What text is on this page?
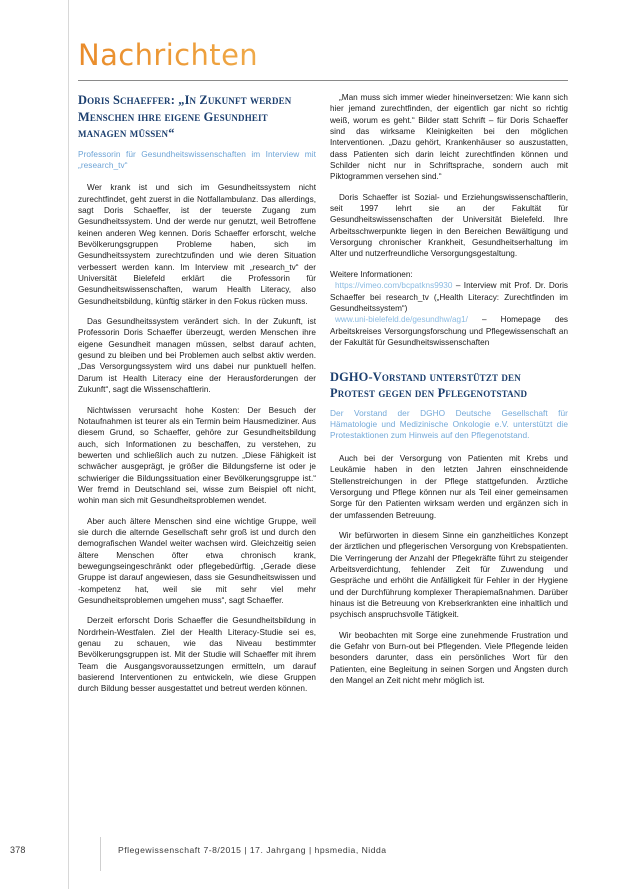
Nachrichten
Doris Schaeffer: „In Zukunft werden Menschen ihre eigene Gesundheit managen müssen“

Professorin für Gesundheitswissenschaften im Interview mit „research_tv“

Wer krank ist und sich im Gesundheitssystem nicht zurechtfindet, geht zuerst in die Notfallambulanz. Das allerdings, sagt Doris Schaeffer, ist der teuerste Zugang zum Gesundheitssystem. Und der werde nur genutzt, weil Betroffene keinen anderen Weg kennen. Doris Schaeffer erforscht, welche Bevölkerungsgruppen Probleme haben, sich im Gesundheitssystem zurechtzufinden und wie deren Situation verbessert werden kann. Im Interview mit „research_tv“ der Universität Bielefeld erklärt die Professorin für Gesundheitswissenschaften, warum Health Literacy, also Gesundheitsbildung, künftig stärker in den Fokus rücken muss.

Das Gesundheitssystem verändert sich. In der Zukunft, ist Professorin Doris Schaeffer überzeugt, werden Menschen ihre eigene Gesundheit managen müssen, selbst darauf achten, gesund zu bleiben und bei Problemen auch selbst aktiv werden. „Das Versorgungssystem wird uns dabei nur punktuell helfen. Darum ist Health Literacy eine der Herausforderungen der Zukunft“, sagt die Wissenschaftlerin.

Nichtwissen verursacht hohe Kosten: Der Besuch der Notaufnahmen ist teurer als ein Termin beim Hausmediziner. Aus diesem Grund, so Schaeffer, gehöre zur Gesundheitsbildung auch, sich Informationen zu beschaffen, zu verstehen, zu bewerten und schließlich auch zu nutzen. „Diese Fähigkeit ist schwächer ausgeprägt, je größer die Bildungsferne ist oder je schwieriger die Bildungssituation einer Bevölkerungsgruppe ist.“ Wer fremd in Deutschland sei, wisse zum Beispiel oft nicht, wohin man sich mit Gesundheitsproblemen wendet.

Aber auch ältere Menschen sind eine wichtige Gruppe, weil sie durch die alternde Gesellschaft sehr groß ist und durch den demografischen Wandel weiter wachsen wird. Gleichzeitig seien ältere Menschen öfter etwa chronisch krank, bewegungseingeschränkt oder pflegebedürftig. „Gerade diese Gruppe ist darauf angewiesen, dass sie Gesundheitswissen und -kompetenz hat, weil sie mit sehr viel mehr Gesundheitsproblemen umgehen muss“, sagt Schaeffer.

Derzeit erforscht Doris Schaeffer die Gesundheitsbildung in Nordrhein-Westfalen. Ziel der Health Literacy-Studie sei es, genau zu schauen, wie das Niveau bestimmter Bevölkerungsgruppen ist. Mit der Studie will Schaeffer mit ihrem Team die Ausgangsvoraussetzungen ermitteln, um darauf basierend Interventionen zu entwickeln, wie diese Gruppen durch Bildung besser ausgestattet und betreut werden können.

„Man muss sich immer wieder hineinversetzen: Wie kann sich hier jemand zurechtfinden, der eigentlich gar nicht so richtig weiß, worum es geht.“ Bilder statt Schrift – für Doris Schaeffer sind das wirksame Kleinigkeiten bei den möglichen Interventionen. „Dazu gehört, Krankenhäuser so auszustatten, dass Patienten sich darin leicht zurechtfinden können und Schilder nicht nur in Schriftsprache, sondern auch mit Piktogrammen versehen sind.“

Doris Schaeffer ist Sozial- und Erziehungswissenschaftlerin, seit 1997 lehrt sie an der Fakultät für Gesundheitswissenschaften der Universität Bielefeld. Ihre Arbeitsschwerpunkte liegen in den Bereichen Bewältigung und Versorgung chronischer Krankheit, Gesundheitserhaltung im Alter und nutzerfreundliche Versorgungsgestaltung.

Weitere Informationen:
https://vimeo.com/bcpatkns9930 – Interview mit Prof. Dr. Doris Schaeffer bei research_tv („Health Literacy: Zurechtfinden im Gesundheitssystem“)
www.uni-bielefeld.de/gesundhw/ag1/ – Homepage des Arbeitskreises Versorgungsforschung und Pflegewissenschaft an der Fakultät für Gesundheitswissenschaften
DGHO-Vorstand unterstützt den Protest gegen den Pflegenotstand

Der Vorstand der DGHO Deutsche Gesellschaft für Hämatologie und Medizinische Onkologie e.V. unterstützt die Protestaktionen zum Hinweis auf den Pflegenotstand.

Auch bei der Versorgung von Patienten mit Krebs und Leukämie haben in den letzten Jahren einschneidende Stellenstreichungen in der Pflege stattgefunden. Ärztliche Versorgung und Pflege können nur als Teil einer gemeinsamen Sorge für den Patienten wirksam werden und ergänzen sich in der umfassenden Betreuung.

Wir befürworten in diesem Sinne ein ganzheitliches Konzept der ärztlichen und pflegerischen Versorgung von Krebspatienten. Die Verringerung der Anzahl der Pflegekräfte führt zu steigender Arbeitsverdichtung, fehlender Zeit für Zuwendung und Gespräche und erhöht die Anfälligkeit für Fehler in der Hygiene und der Durchführung komplexer Therapiemaßnahmen. Darüber hinaus ist die Betreuung von Krebserkrankten eine inhaltlich und psychisch anspruchsvolle Tätigkeit.

Wir beobachten mit Sorge eine zunehmende Frustration und die Gefahr von Burn-out bei Pflegenden. Viele Pflegende leiden besonders darunter, dass ein persönliches Wort für den Patienten, eine Begleitung in seinen Sorgen und Ängsten durch den Mangel an Zeit nicht mehr möglich ist.

378	Pflegewissenschaft 7-8/2015 | 17. Jahrgang | hpsmedia, Nidda
